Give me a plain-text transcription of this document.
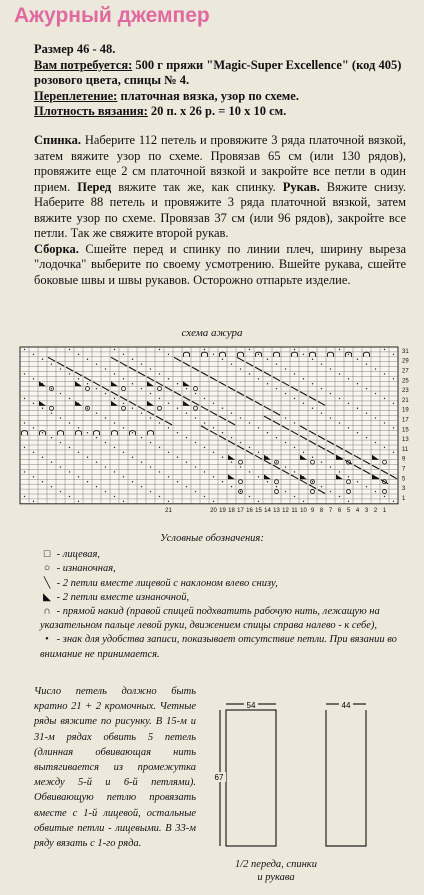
Ажурный джемпер
Размер 46 - 48.
Вам потребуется: 500 г пряжи "Magic-Super Excellence" (код 405) розового цвета, спицы № 4.
Переплетение: платочная вязка, узор по схеме.
Плотность вязания: 20 п. х 26 р. = 10 х 10 см.
Спинка. Наберите 112 петель и провяжите 3 ряда платочной вязкой, затем вяжите узор по схеме. Провязав 65 см (или 130 рядов), провяжите еще 2 см платочной вязкой и закройте все петли в один прием. Перед вяжите так же, как спинку. Рукав. Вяжите снизу. Наберите 88 петель и провяжите 3 ряда платочной вязкой, затем вяжите узор по схеме. Провязав 37 см (или 96 рядов), закройте все петли. Так же свяжите второй рукав.
Сборка. Сшейте перед и спинку по линии плеч, ширину выреза "лодочка" выберите по своему усмотрению. Вшейте рукава, сшейте боковые швы и швы рукавов. Осторожно отпарьте изделие.
схема ажура
31
29
27
25
23
21
19
17
15
13
11
9
7
5
3
1
21	20 19 18 17 16 15 14 13 12 11 10 9 8 7 6 5 4 3 2 1
Условные обозначения:
□ - лицевая,
○ - изнаночная,
╲ - 2 петли вместе лицевой с наклоном влево снизу,
◣ - 2 петли вместе изнаночной,
∩ - прямой накид (правой спицей подхватить рабочую нить, лежащую на указательном пальце левой руки, движением спицы справа налево - к себе),
• - знак для удобства записи, показывает отсутствие петли. При вязании во внимание не принимается.
Число петель должно быть кратно 21 + 2 кромочных. Четные ряды вяжите по рисунку. В 15-м и 31-м рядах обвить 5 петель (длинная обвивающая нить вытягивается из промежутка между 5-й и 6-й петлями). Обвивающую петлю провязать вместе с 1-й лицевой, остальные обвитые петли - лицевыми. В 33-м ряду вязать с 1-го ряда.
54	44
67
1/2 переда, спинки
и рукава
